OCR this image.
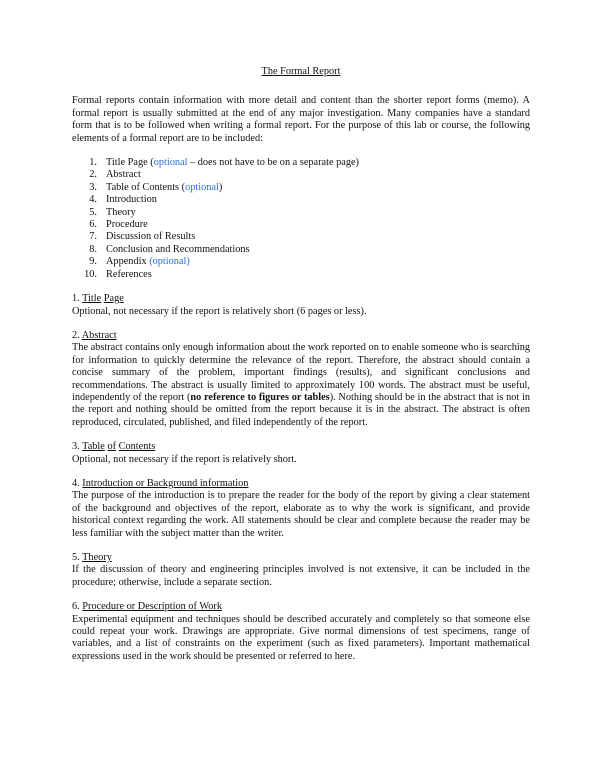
The Formal Report

Formal reports contain information with more detail and content than the shorter report forms (memo). A formal report is usually submitted at the end of any major investigation. Many companies have a standard form that is to be followed when writing a formal report. For the purpose of this lab or course, the following elements of a formal report are to be included:

1. Title Page (optional – does not have to be on a separate page)
2. Abstract
3. Table of Contents (optional)
4. Introduction
5. Theory
6. Procedure
7. Discussion of Results
8. Conclusion and Recommendations
9. Appendix (optional)
10. References

1. Title Page

Optional, not necessary if the report is relatively short (6 pages or less).

2. Abstract

The abstract contains only enough information about the work reported on to enable someone who is searching for information to quickly determine the relevance of the report. Therefore, the abstract should contain a concise summary of the problem, important findings (results), and significant conclusions and recommendations. The abstract is usually limited to approximately 100 words. The abstract must be useful, independently of the report (no reference to figures or tables). Nothing should be in the abstract that is not in the report and nothing should be omitted from the report because it is in the abstract. The abstract is often reproduced, circulated, published, and filed independently of the report.

3. Table of Contents

Optional, not necessary if the report is relatively short.

4. Introduction or Background information

The purpose of the introduction is to prepare the reader for the body of the report by giving a clear statement of the background and objectives of the report, elaborate as to why the work is significant, and provide historical context regarding the work. All statements should be clear and complete because the reader may be less familiar with the subject matter than the writer.

5. Theory

If the discussion of theory and engineering principles involved is not extensive, it can be included in the procedure; otherwise, include a separate section.

6. Procedure or Description of Work

Experimental equipment and techniques should be described accurately and completely so that someone else could repeat your work. Drawings are appropriate. Give normal dimensions of test specimens, range of variables, and a list of constraints on the experiment (such as fixed parameters). Important mathematical expressions used in the work should be presented or referred to here.
